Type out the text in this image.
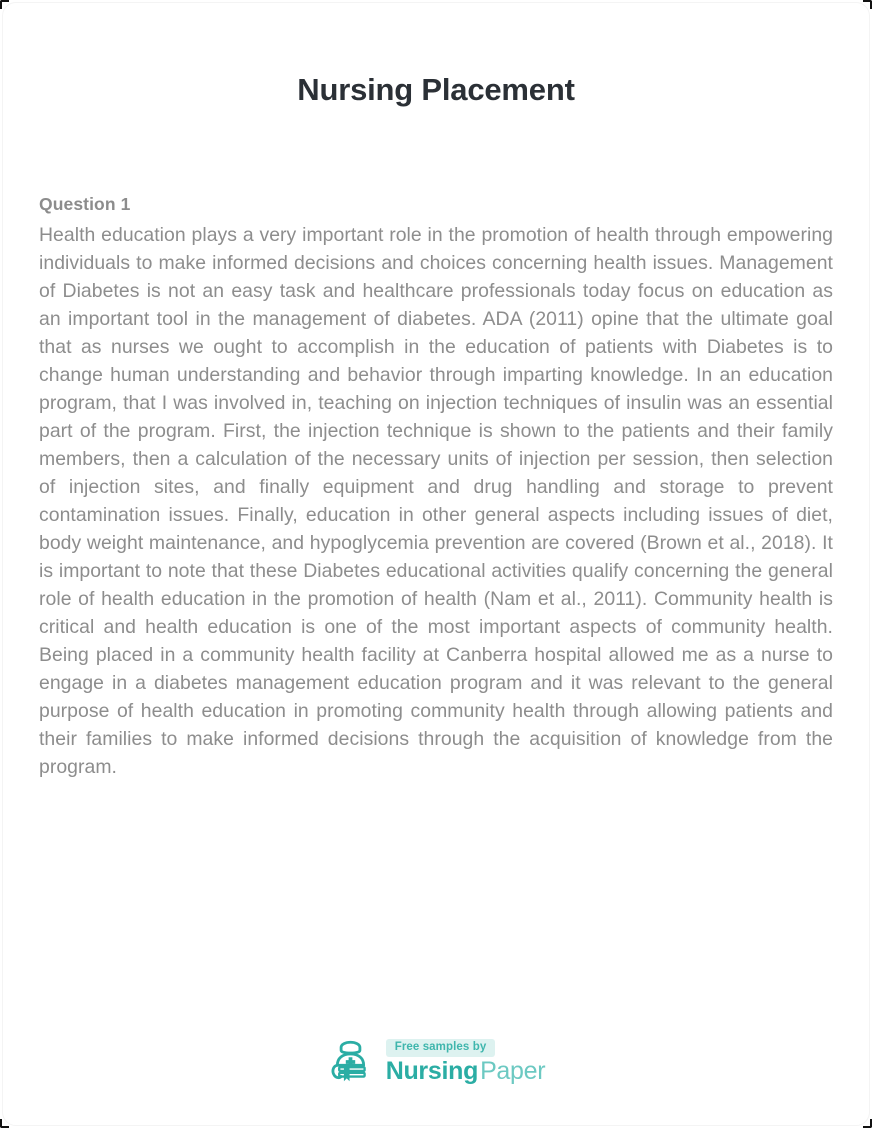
Nursing Placement
Question 1

Health education plays a very important role in the promotion of health through empowering individuals to make informed decisions and choices concerning health issues. Management of Diabetes is not an easy task and healthcare professionals today focus on education as an important tool in the management of diabetes. ADA (2011) opine that the ultimate goal that as nurses we ought to accomplish in the education of patients with Diabetes is to change human understanding and behavior through imparting knowledge. In an education program, that I was involved in, teaching on injection techniques of insulin was an essential part of the program. First, the injection technique is shown to the patients and their family members, then a calculation of the necessary units of injection per session, then selection of injection sites, and finally equipment and drug handling and storage to prevent contamination issues. Finally, education in other general aspects including issues of diet, body weight maintenance, and hypoglycemia prevention are covered (Brown et al., 2018). It is important to note that these Diabetes educational activities qualify concerning the general role of health education in the promotion of health (Nam et al., 2011). Community health is critical and health education is one of the most important aspects of community health. Being placed in a community health facility at Canberra hospital allowed me as a nurse to engage in a diabetes management education program and it was relevant to the general purpose of health education in promoting community health through allowing patients and their families to make informed decisions through the acquisition of knowledge from the program.

Free samples by
NursingPaper
